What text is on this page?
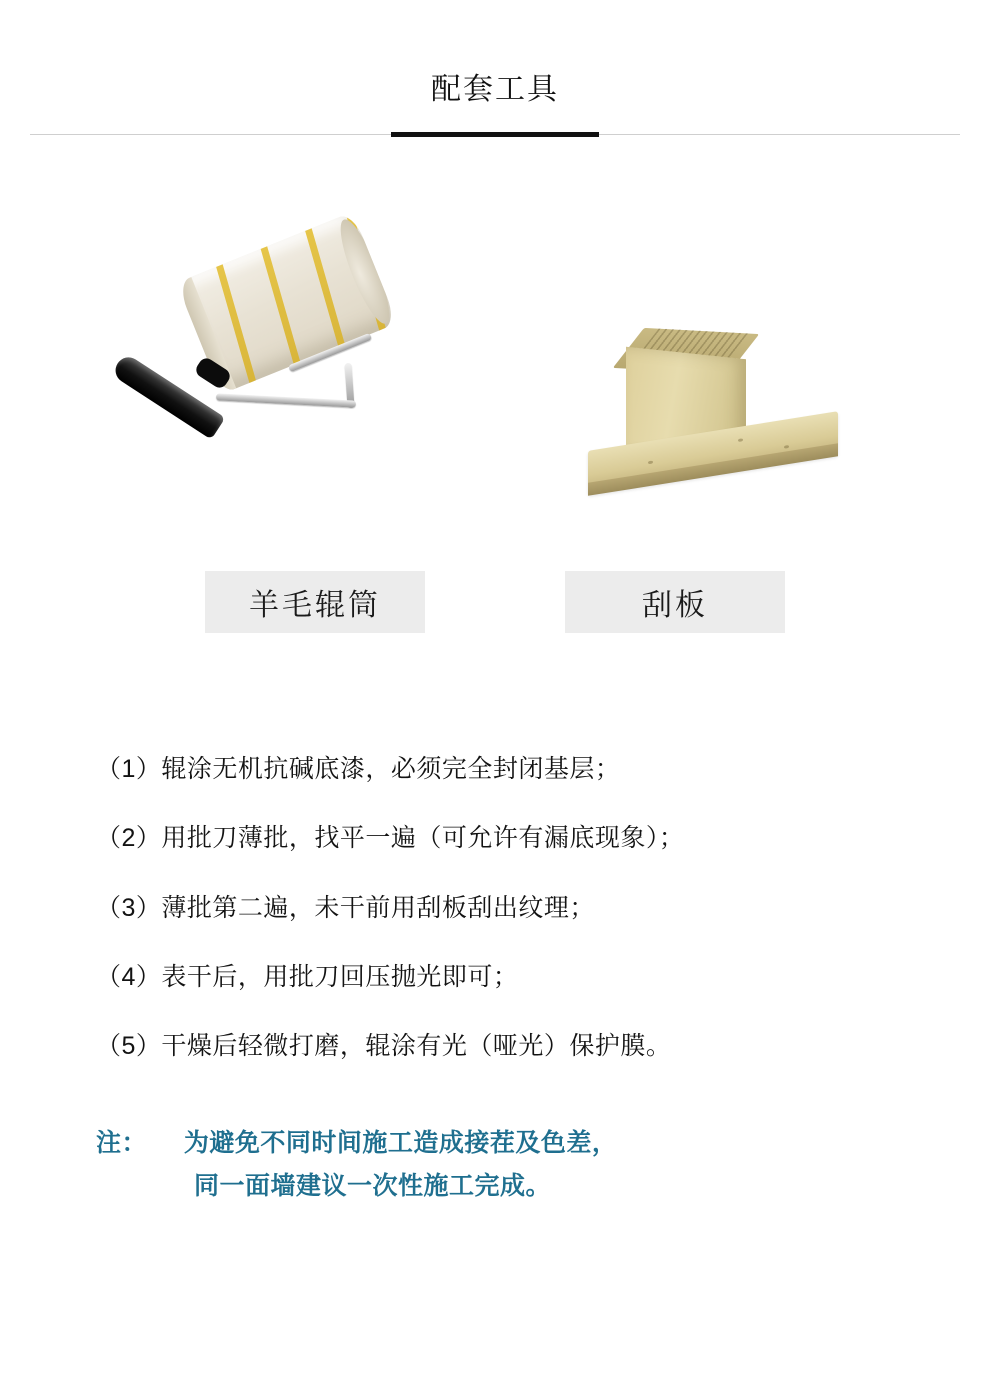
配套工具
羊毛辊筒	刮板
（1） 辊涂无机抗碱底漆，必须完全封闭基层；
（2） 用批刀薄批，找平一遍（可允许有漏底现象）；
（3） 薄批第二遍，未干前用刮板刮出纹理；
（4） 表干后，用批刀回压抛光即可；
（5） 干燥后轻微打磨，辊涂有光（哑光）保护膜。
注： 为避免不同时间施工造成接茬及色差，
同一面墙建议一次性施工完成。
